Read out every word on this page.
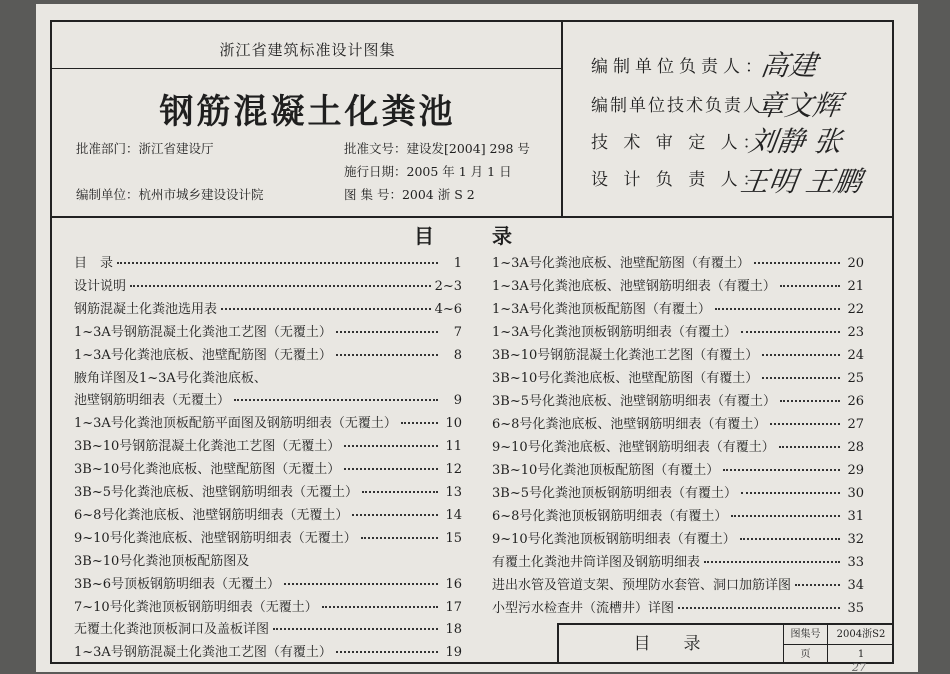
浙江省建筑标准设计图集
钢筋混凝土化粪池
批准部门：浙江省建设厅
编制单位：杭州市城乡建设设计院
批准文号：建设发[2004] 298 号
施行日期：2005 年 1 月 1 日
图 集 号：2004 浙 S 2
编制单位负责人：
高建
编制单位技术负责人：
章文辉
技 术 审 定 人：
刘静 张
设 计 负 责 人：
王明 王鹏
目	录
目　录	1
设计说明	2~3
钢筋混凝土化粪池选用表	4~6
1~3A号钢筋混凝土化粪池工艺图（无覆土）	7
1~3A号化粪池底板、池壁配筋图（无覆土）	8
腋角详图及1~3A号化粪池底板、
池壁钢筋明细表（无覆土）	9
1~3A号化粪池顶板配筋平面图及钢筋明细表（无覆土）	10
3B~10号钢筋混凝土化粪池工艺图（无覆土）	11
3B~10号化粪池底板、池壁配筋图（无覆土）	12
3B~5号化粪池底板、池壁钢筋明细表（无覆土）	13
6~8号化粪池底板、池壁钢筋明细表（无覆土）	14
9~10号化粪池底板、池壁钢筋明细表（无覆土）	15
3B~10号化粪池顶板配筋图及
3B~6号顶板钢筋明细表（无覆土）	16
7~10号化粪池顶板钢筋明细表（无覆土）	17
无覆土化粪池顶板洞口及盖板详图	18
1~3A号钢筋混凝土化粪池工艺图（有覆土）	19
1~3A号化粪池底板、池壁配筋图（有覆土）	20
1~3A号化粪池底板、池壁钢筋明细表（有覆土）	21
1~3A号化粪池顶板配筋图（有覆土）	22
1~3A号化粪池顶板钢筋明细表（有覆土）	23
3B~10号钢筋混凝土化粪池工艺图（有覆土）	24
3B~10号化粪池底板、池壁配筋图（有覆土）	25
3B~5号化粪池底板、池壁钢筋明细表（有覆土）	26
6~8号化粪池底板、池壁钢筋明细表（有覆土）	27
9~10号化粪池底板、池壁钢筋明细表（有覆土）	28
3B~10号化粪池顶板配筋图（有覆土）	29
3B~5号化粪池顶板钢筋明细表（有覆土）	30
6~8号化粪池顶板钢筋明细表（有覆土）	31
9~10号化粪池顶板钢筋明细表（有覆土）	32
有覆土化粪池井筒详图及钢筋明细表	33
进出水管及管道支架、预埋防水套管、洞口加筋详图	34
小型污水检查井（流槽井）详图	35
目　录	图集号	2004浙S2
页	1
27
